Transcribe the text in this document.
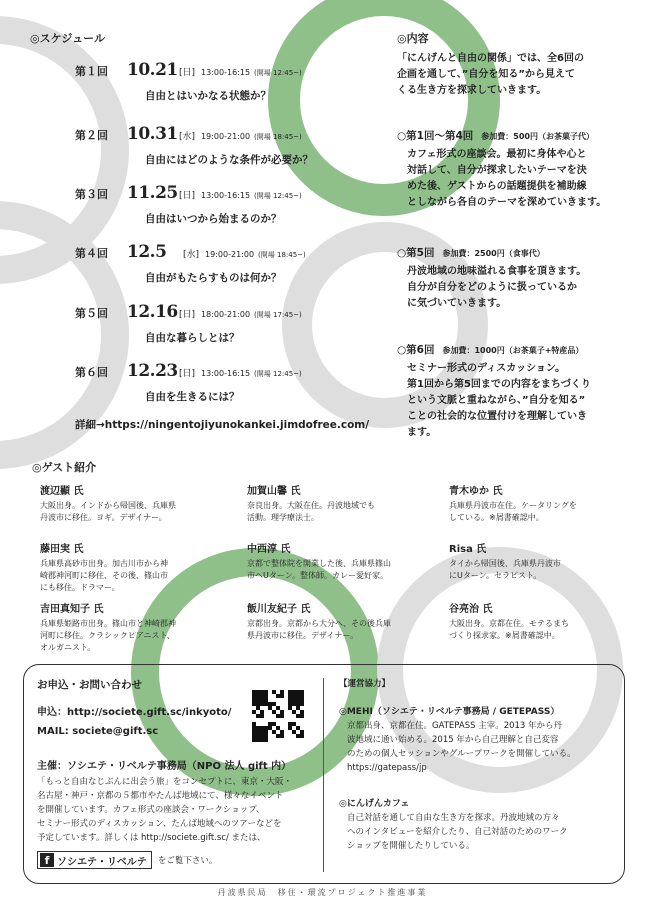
◎スケジュール
第１回	10.21 [日] 13:00-16:15 (開場 12:45~)
自由とはいかなる状態か？
第２回	10.31 [水] 19:00-21:00 (開場 18:45~)
自由にはどのような条件が必要か？
第３回	11.25 [日] 13:00-16:15 (開場 12:45~)
自由はいつから始まるのか？
第４回	12.5	[水] 19:00-21:00 (開場 18:45~)
自由がもたらすものは何か？
第５回	12.16 [日] 18:00-21:00 (開場 17:45~)
自由な暮らしとは？
第６回	12.23 [日] 13:00-16:15 (開場 12:45~)
自由を生きるには？
詳細→https://ningentojiyunokankei.jimdofree.com/
◎内容
「にんげんと自由の関係」では、全6回の
企画を通して、”自分を知る”から見えて
くる生き方を探求していきます。
○第1回〜第4回 参加費：500円（お茶菓子代）
カフェ形式の座談会。最初に身体や心と
対話して、自分が探求したいテーマを決
めた後、ゲストからの話題提供を補助線
としながら各自のテーマを深めていきます。
○第5回 参加費：2500円（食事代）
丹波地域の地味溢れる食事を頂きます。
自分が自分をどのように扱っているか
に気づいていきます。
○第6回 参加費：1000円（お茶菓子+特産品）
セミナー形式のディスカッション。
第1回から第5回までの内容をまちづくり
という文脈と重ねながら、”自分を知る”
ことの社会的な位置付けを理解していき
ます。
◎ゲスト紹介
渡辺顯 氏
大阪出身。インドから帰国後、兵庫県
丹波市に移住。ヨギ。デザイナー。
加賀山馨 氏
奈良出身。大阪在住。丹波地域でも
活動。理学療法士。
青木ゆか 氏
兵庫県丹波市在住。ケータリングを
している。※屑書確認中。
藤田実 氏
兵庫県高砂市出身。加古川市から神
崎郡神河町に移住、その後、篠山市
にも移住。ドラマー。
中西淳 氏
京都で整体院を開業した後、兵庫県篠山
市へUターン。整体師。カレー愛好家。
Risa 氏
タイから帰国後、兵庫県丹波市
にUターン。セラピスト。
吉田真知子 氏
兵庫県姫路市出身。篠山市と神崎郡神
河町に移住。クラシックピアニスト、
オルガニスト。
飯川友紀子 氏
京都出身。京都から大分へ、その後兵庫
県丹波市に移住。デザイナー。
谷亮治 氏
大阪出身。京都在住。モテるまち
づくり探求家。※屑書確認中。
お申込・お問い合わせ
申込：http://societe.gift.sc/inkyoto/
MAIL: societe@gift.sc
主催：ソシエテ・リベルテ事務局（NPO 法人 gift 内）
「もっと自由なじぶんに出会う旅」をコンセプトに、東京・大阪・
名古屋・神戸・京都の５都市やたんば地域にて、様々なイベント
を開催しています。カフェ形式の座談会・ワークショップ、
セミナー形式のディスカッション、たんば地域へのツアーなどを
予定しています。詳しくは http://societe.gift.sc/ または、
f ソシエテ・リベルテ	をご覧下さい。
【運営協力】
◎MEHI（ソシエテ・リベルテ事務局 / GETEPASS）
京都出身、京都在住。GATEPASS 主宰。2013 年から丹
波地域に通い始める。2015 年から自己理解と自己変容
のための個人セッションやグループワークを開催している。
https://gatepass/jp
◎にんげんカフェ
自己対話を通して自由な生き方を探求。丹波地域の方々
へのインタビューを紹介したり、自己対話のためのワーク
ショップを開催したりしている。
丹波県民局　移住・環流プロジェクト推進事業
